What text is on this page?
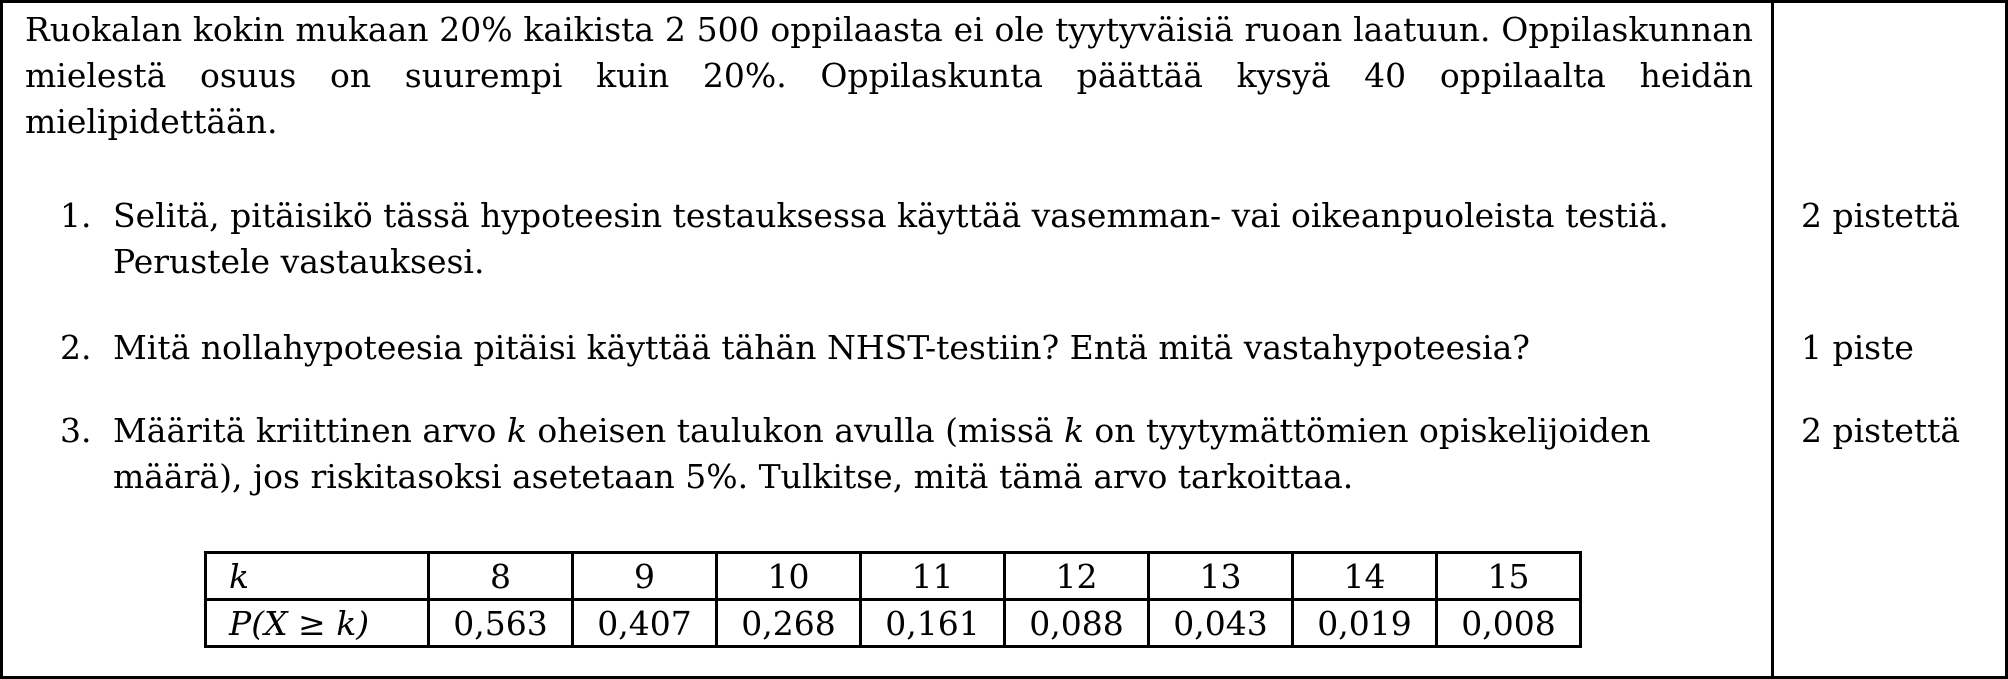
Ruokalan kokin mukaan 20% kaikista 2 500 oppilaasta ei ole tyytyväisiä ruoan laatuun. Oppilaskunnan mielestä osuus on suurempi kuin 20%. Oppilaskunta päättää kysyä 40 oppilaalta heidän mielipidettään.
1. Selitä, pitäisikö tässä hypoteesin testauksessa käyttää vasemman- vai oikeanpuoleista testiä. Perustele vastauksesi.
2. Mitä nollahypoteesia pitäisi käyttää tähän NHST-testiin? Entä mitä vastahypoteesia?
3. Määritä kriittinen arvo k oheisen taulukon avulla (missä k on tyytymättömien opiskelijoiden määrä), jos riskitasoksi asetetaan 5%. Tulkitse, mitä tämä arvo tarkoittaa.
k	8	9	10	11	12	13	14	15
P(X ≥ k)	0,563	0,407	0,268	0,161	0,088	0,043	0,019	0,008
2 pistettä
1 piste
2 pistettä
